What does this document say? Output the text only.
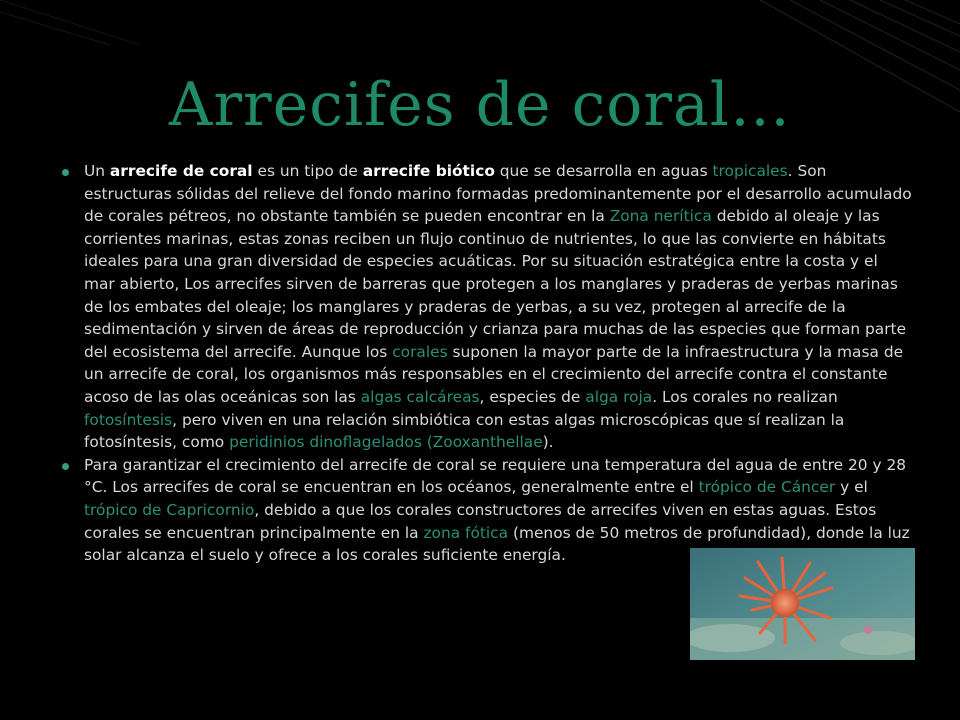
Arrecifes de coral…

Un arrecife de coral es un tipo de arrecife biótico que se desarrolla en aguas tropicales. Son estructuras sólidas del relieve del fondo marino formadas predominantemente por el desarrollo acumulado de corales pétreos, no obstante también se pueden encontrar en la Zona nerítica debido al oleaje y las corrientes marinas, estas zonas reciben un flujo continuo de nutrientes, lo que las convierte en hábitats ideales para una gran diversidad de especies acuáticas. Por su situación estratégica entre la costa y el mar abierto, Los arrecifes sirven de barreras que protegen a los manglares y praderas de yerbas marinas de los embates del oleaje; los manglares y praderas de yerbas, a su vez, protegen al arrecife de la sedimentación y sirven de áreas de reproducción y crianza para muchas de las especies que forman parte del ecosistema del arrecife. Aunque los corales suponen la mayor parte de la infraestructura y la masa de un arrecife de coral, los organismos más responsables en el crecimiento del arrecife contra el constante acoso de las olas oceánicas son las algas calcáreas, especies de alga roja. Los corales no realizan fotosíntesis, pero viven en una relación simbiótica con estas algas microscópicas que sí realizan la fotosíntesis, como peridinios dinoflagelados (Zooxanthellae).

Para garantizar el crecimiento del arrecife de coral se requiere una temperatura del agua de entre 20 y 28 °C. Los arrecifes de coral se encuentran en los océanos, generalmente entre el trópico de Cáncer y el trópico de Capricornio, debido a que los corales constructores de arrecifes viven en estas aguas. Estos corales se encuentran principalmente en la zona fótica (menos de 50 metros de profundidad), donde la luz solar alcanza el suelo y ofrece a los corales suficiente energía.
